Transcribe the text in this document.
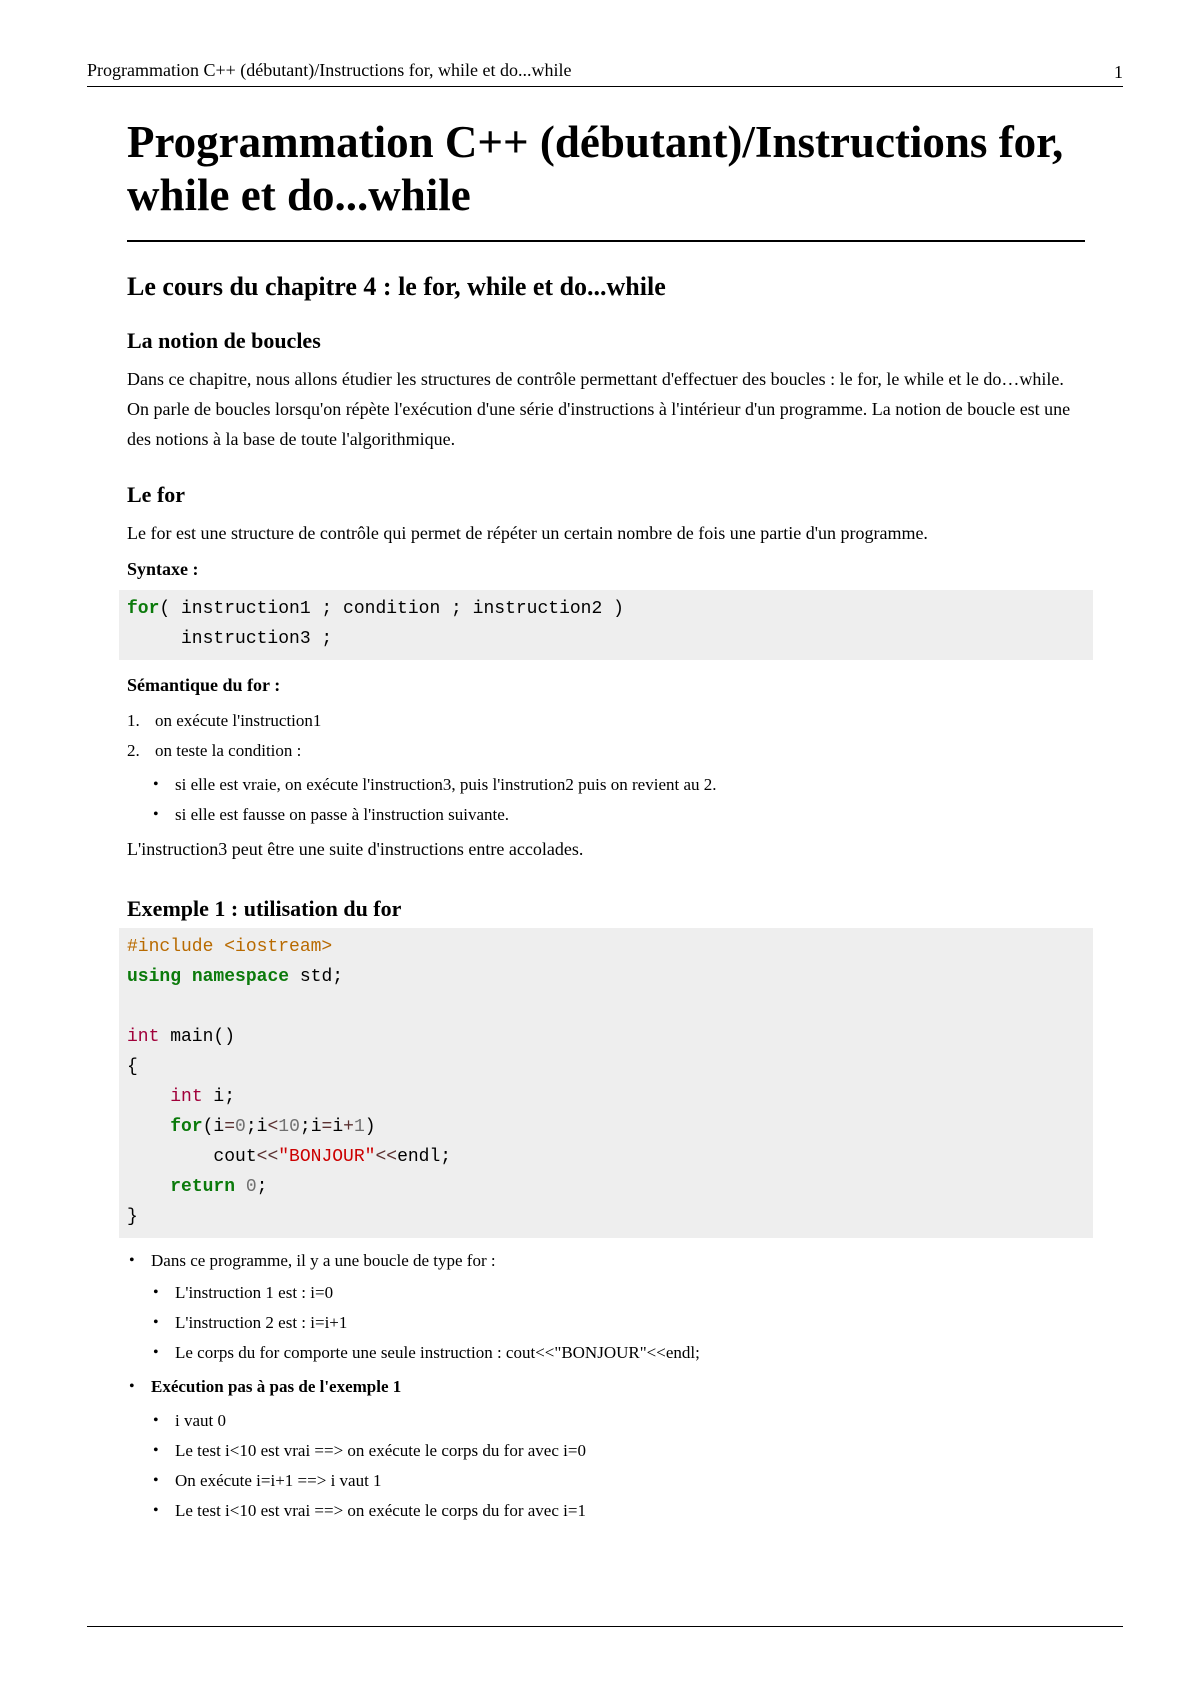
Programmation C++ (débutant)/Instructions for, while et do...while	1
Programmation C++ (débutant)/Instructions for, while et do...while
Le cours du chapitre 4 : le for, while et do...while
La notion de boucles

Dans ce chapitre, nous allons étudier les structures de contrôle permettant d'effectuer des boucles : le for, le while et le do…while. On parle de boucles lorsqu'on répète l'exécution d'une série d'instructions à l'intérieur d'un programme. La notion de boucle est une des notions à la base de toute l'algorithmique.

Le for

Le for est une structure de contrôle qui permet de répéter un certain nombre de fois une partie d'un programme.

Syntaxe :

for( instruction1 ; condition ; instruction2 )
instruction3 ;

Sémantique du for :

1. on exécute l'instruction1
2. on teste la condition :
• si elle est vraie, on exécute l'instruction3, puis l'instrution2 puis on revient au 2.
• si elle est fausse on passe à l'instruction suivante.

L'instruction3 peut être une suite d'instructions entre accolades.

Exemple 1 : utilisation du for
#include <iostream>
using namespace std;

int main()
{
int i;
for(i=0;i<10;i=i+1)
cout<<"BONJOUR"<<endl;
return 0;
}
• Dans ce programme, il y a une boucle de type for :
• L'instruction 1 est : i=0
• L'instruction 2 est : i=i+1
• Le corps du for comporte une seule instruction : cout<<"BONJOUR"<<endl;
• Exécution pas à pas de l'exemple 1
• i vaut 0
• Le test i<10 est vrai ==> on exécute le corps du for avec i=0
• On exécute i=i+1 ==> i vaut 1
• Le test i<10 est vrai ==> on exécute le corps du for avec i=1
